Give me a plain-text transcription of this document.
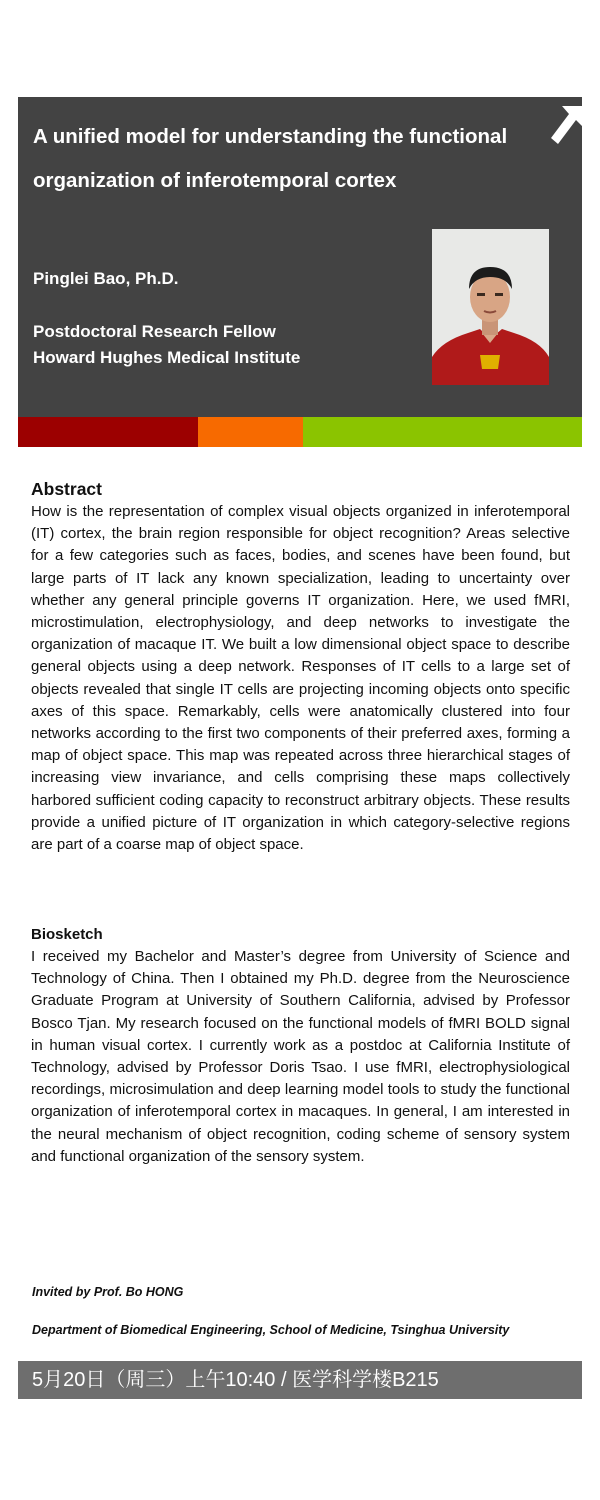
A unified model for understanding the functional organization of inferotemporal cortex
Pinglei Bao, Ph.D.
Postdoctoral Research Fellow
Howard Hughes Medical Institute
Abstract

How is the representation of complex visual objects organized in inferotemporal (IT) cortex, the brain region responsible for object recognition? Areas selective for a few categories such as faces, bodies, and scenes have been found, but large parts of IT lack any known specialization, leading to uncertainty over whether any general principle governs IT organization. Here, we used fMRI, microstimulation, electrophysiology, and deep networks to investigate the organization of macaque IT. We built a low dimensional object space to describe general objects using a deep network. Responses of IT cells to a large set of objects revealed that single IT cells are projecting incoming objects onto specific axes of this space. Remarkably, cells were anatomically clustered into four networks according to the first two components of their preferred axes, forming a map of object space. This map was repeated across three hierarchical stages of increasing view invariance, and cells comprising these maps collectively harbored sufficient coding capacity to reconstruct arbitrary objects. These results provide a unified picture of IT organization in which category-selective regions are part of a coarse map of object space.

Biosketch

I received my Bachelor and Master’s degree from University of Science and Technology of China. Then I obtained my Ph.D. degree from the Neuroscience Graduate Program at University of Southern California, advised by Professor Bosco Tjan. My research focused on the functional models of fMRI BOLD signal in human visual cortex. I currently work as a postdoc at California Institute of Technology, advised by Professor Doris Tsao. I use fMRI, electrophysiological recordings, microsimulation and deep learning model tools to study the functional organization of inferotemporal cortex in macaques. In general, I am interested in the neural mechanism of object recognition, coding scheme of sensory system and functional organization of the sensory system.

Invited by Prof. Bo HONG
Department of Biomedical Engineering, School of Medicine, Tsinghua University
5月20日（周三）上午10:40 / 医学科学楼B215
